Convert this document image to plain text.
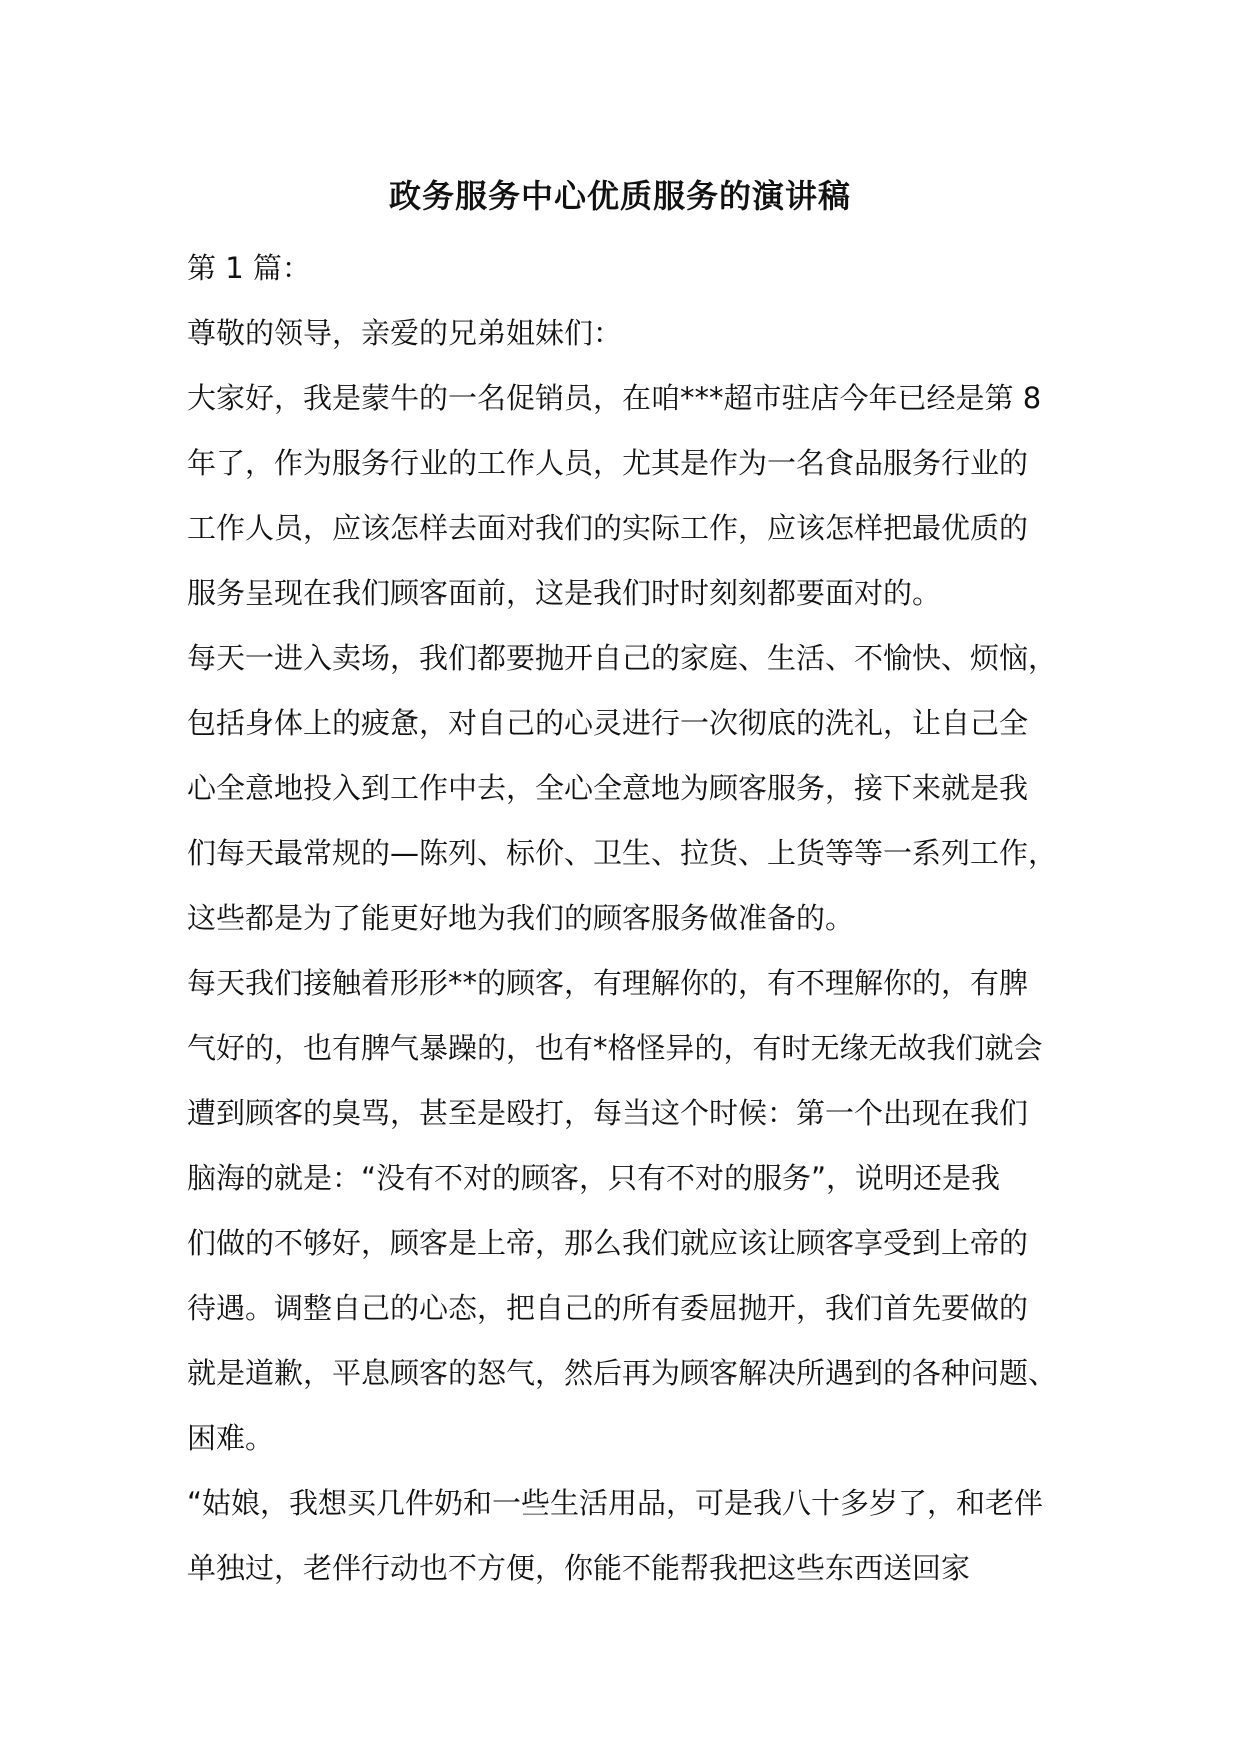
政务服务中心优质服务的演讲稿
第 1 篇：
尊敬的领导，亲爱的兄弟姐妹们：
大家好，我是蒙牛的一名促销员，在咱***超市驻店今年已经是第 8
年了，作为服务行业的工作人员，尤其是作为一名食品服务行业的
工作人员，应该怎样去面对我们的实际工作，应该怎样把最优质的
服务呈现在我们顾客面前，这是我们时时刻刻都要面对的。
每天一进入卖场，我们都要抛开自己的家庭、生活、不愉快、烦恼，
包括身体上的疲惫，对自己的心灵进行一次彻底的洗礼，让自己全
心全意地投入到工作中去，全心全意地为顾客服务，接下来就是我
们每天最常规的—陈列、标价、卫生、拉货、上货等等一系列工作，
这些都是为了能更好地为我们的顾客服务做准备的。
每天我们接触着形形**的顾客，有理解你的，有不理解你的，有脾
气好的，也有脾气暴躁的，也有*格怪异的，有时无缘无故我们就会
遭到顾客的臭骂，甚至是殴打，每当这个时候：第一个出现在我们
脑海的就是：“没有不对的顾客，只有不对的服务”，说明还是我
们做的不够好，顾客是上帝，那么我们就应该让顾客享受到上帝的
待遇。调整自己的心态，把自己的所有委屈抛开，我们首先要做的
就是道歉，平息顾客的怒气，然后再为顾客解决所遇到的各种问题、
困难。
“姑娘，我想买几件奶和一些生活用品，可是我八十多岁了，和老伴
单独过，老伴行动也不方便，你能不能帮我把这些东西送回家
